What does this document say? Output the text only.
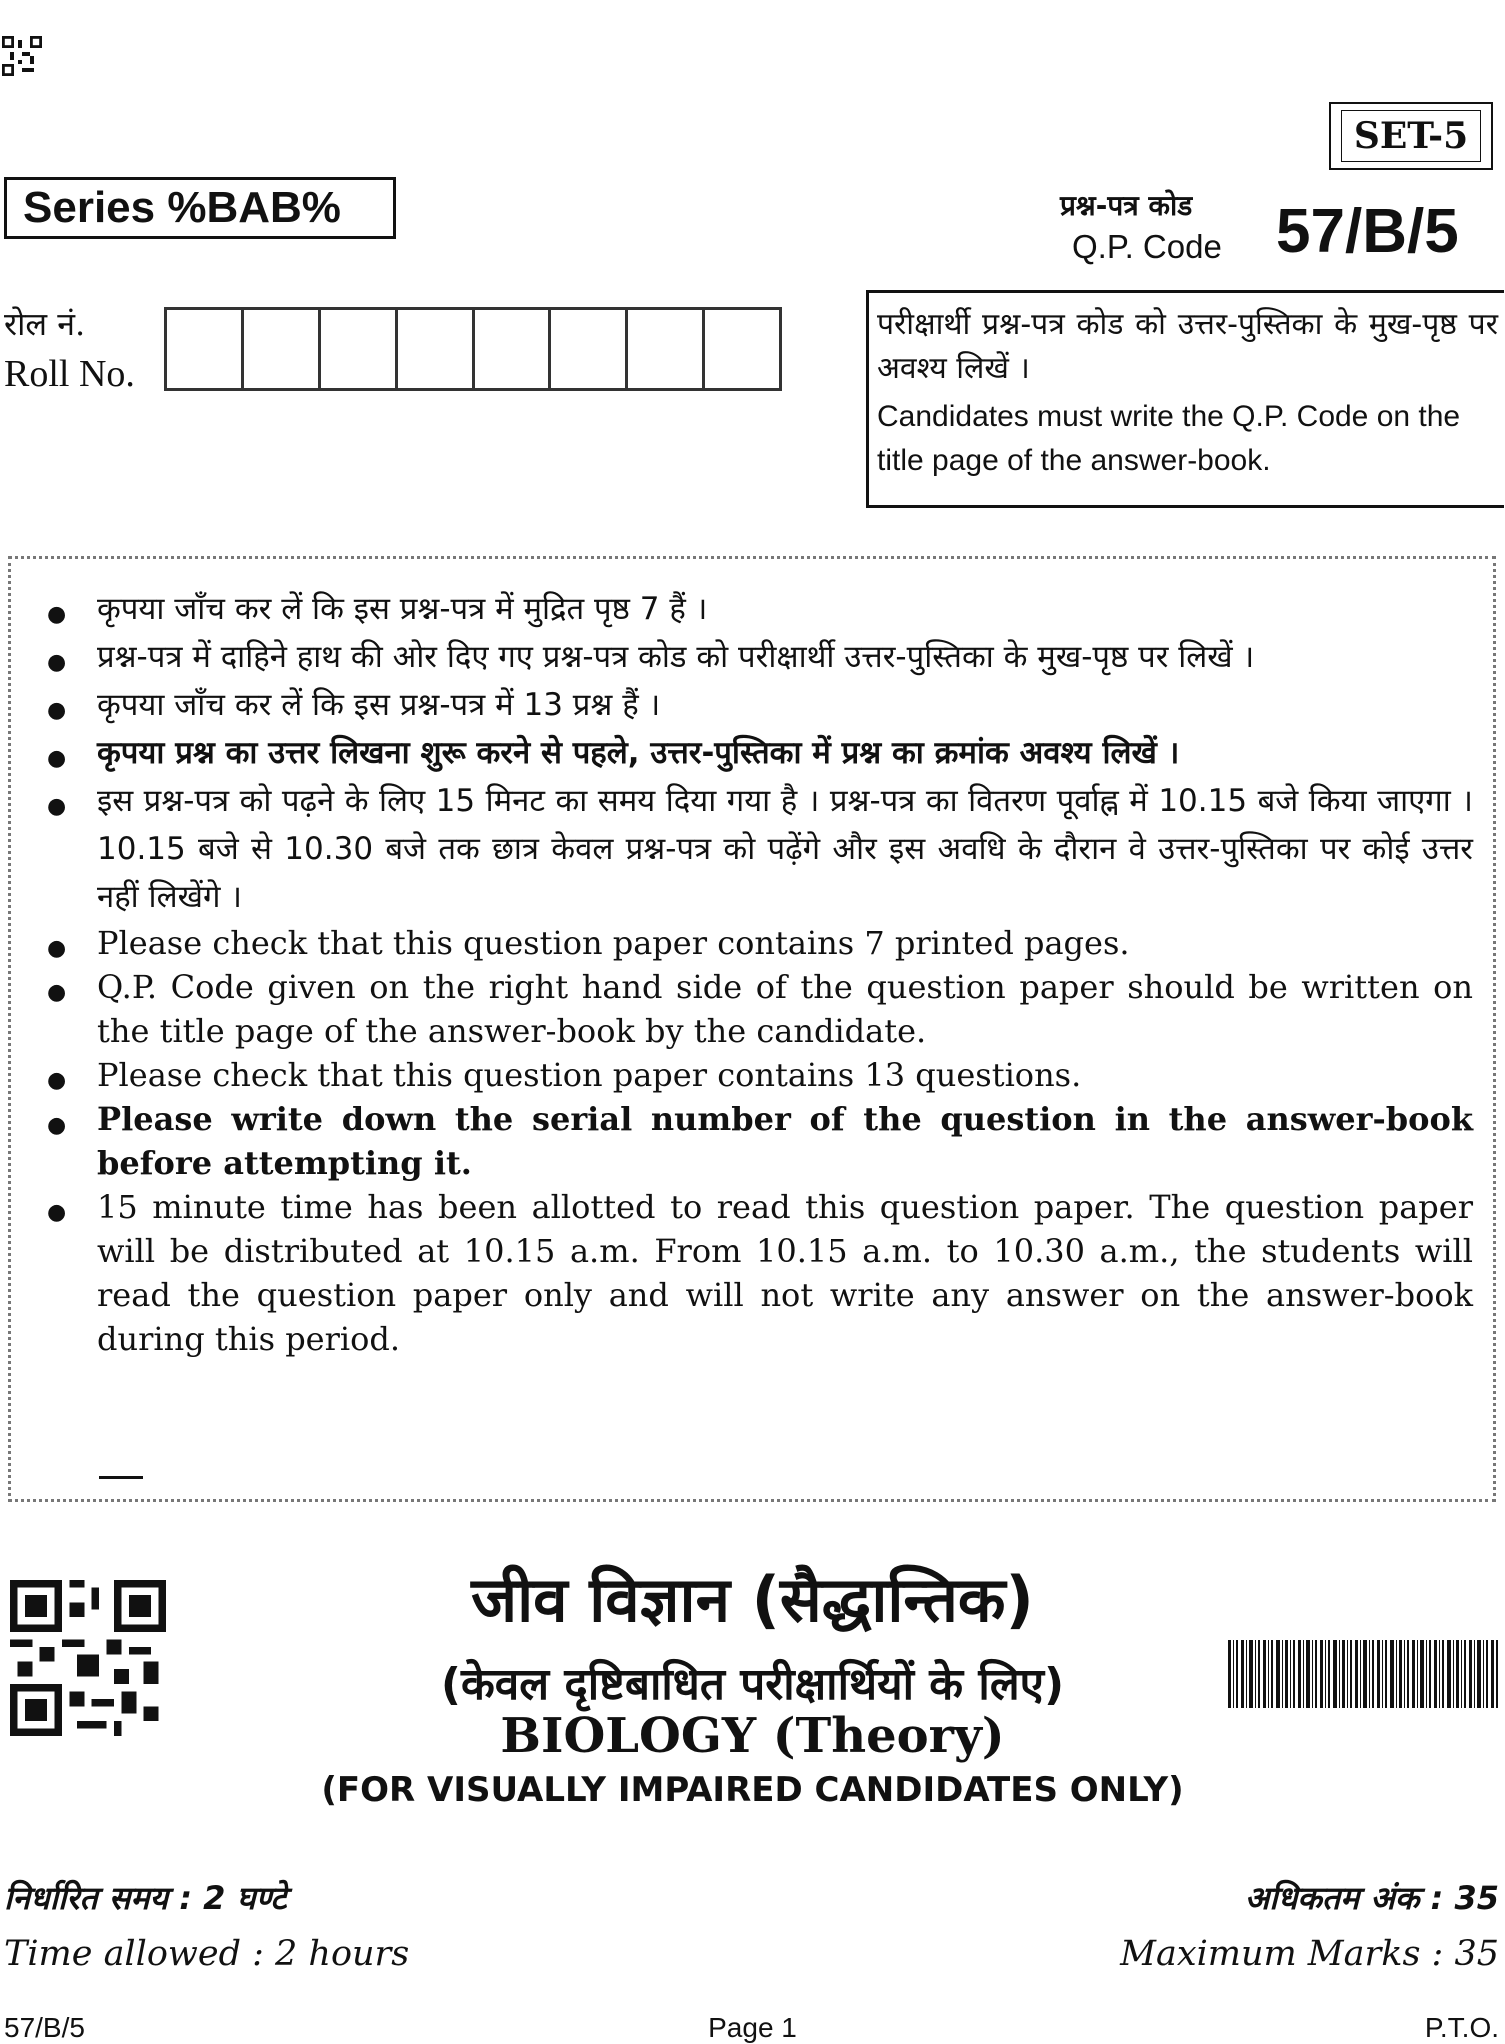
SET-5
Series %BAB%	प्रश्न-पत्र कोड
Q.P. Code 57/B/5
रोल नं.
Roll No.
परीक्षार्थी प्रश्न-पत्र कोड को उत्तर-पुस्तिका के मुख-पृष्ठ पर अवश्य लिखें ।
Candidates must write the Q.P. Code on the title page of the answer-book.
● कृपया जाँच कर लें कि इस प्रश्न-पत्र में मुद्रित पृष्ठ 7 हैं ।
● प्रश्न-पत्र में दाहिने हाथ की ओर दिए गए प्रश्न-पत्र कोड को परीक्षार्थी उत्तर-पुस्तिका के मुख-पृष्ठ पर लिखें ।
● कृपया जाँच कर लें कि इस प्रश्न-पत्र में 13 प्रश्न हैं ।
● कृपया प्रश्न का उत्तर लिखना शुरू करने से पहले, उत्तर-पुस्तिका में प्रश्न का क्रमांक अवश्य लिखें ।
● इस प्रश्न-पत्र को पढ़ने के लिए 15 मिनट का समय दिया गया है । प्रश्न-पत्र का वितरण पूर्वाह्न में 10.15 बजे किया जाएगा । 10.15 बजे से 10.30 बजे तक छात्र केवल प्रश्न-पत्र को पढ़ेंगे और इस अवधि के दौरान वे उत्तर-पुस्तिका पर कोई उत्तर नहीं लिखेंगे ।
● Please check that this question paper contains 7 printed pages.
● Q.P. Code given on the right hand side of the question paper should be written on the title page of the answer-book by the candidate.
● Please check that this question paper contains 13 questions.
● Please write down the serial number of the question in the answer-book before attempting it.
● 15 minute time has been allotted to read this question paper. The question paper will be distributed at 10.15 a.m. From 10.15 a.m. to 10.30 a.m., the students will read the question paper only and will not write any answer on the answer-book during this period.
जीव विज्ञान (सैद्धान्तिक)
(केवल दृष्टिबाधित परीक्षार्थियों के लिए)
BIOLOGY (Theory)
(FOR VISUALLY IMPAIRED CANDIDATES ONLY)
निर्धारित समय : 2 घण्टे
Time allowed : 2 hours
अधिकतम अंक : 35
Maximum Marks : 35
57/B/5	Page 1	P.T.O.
